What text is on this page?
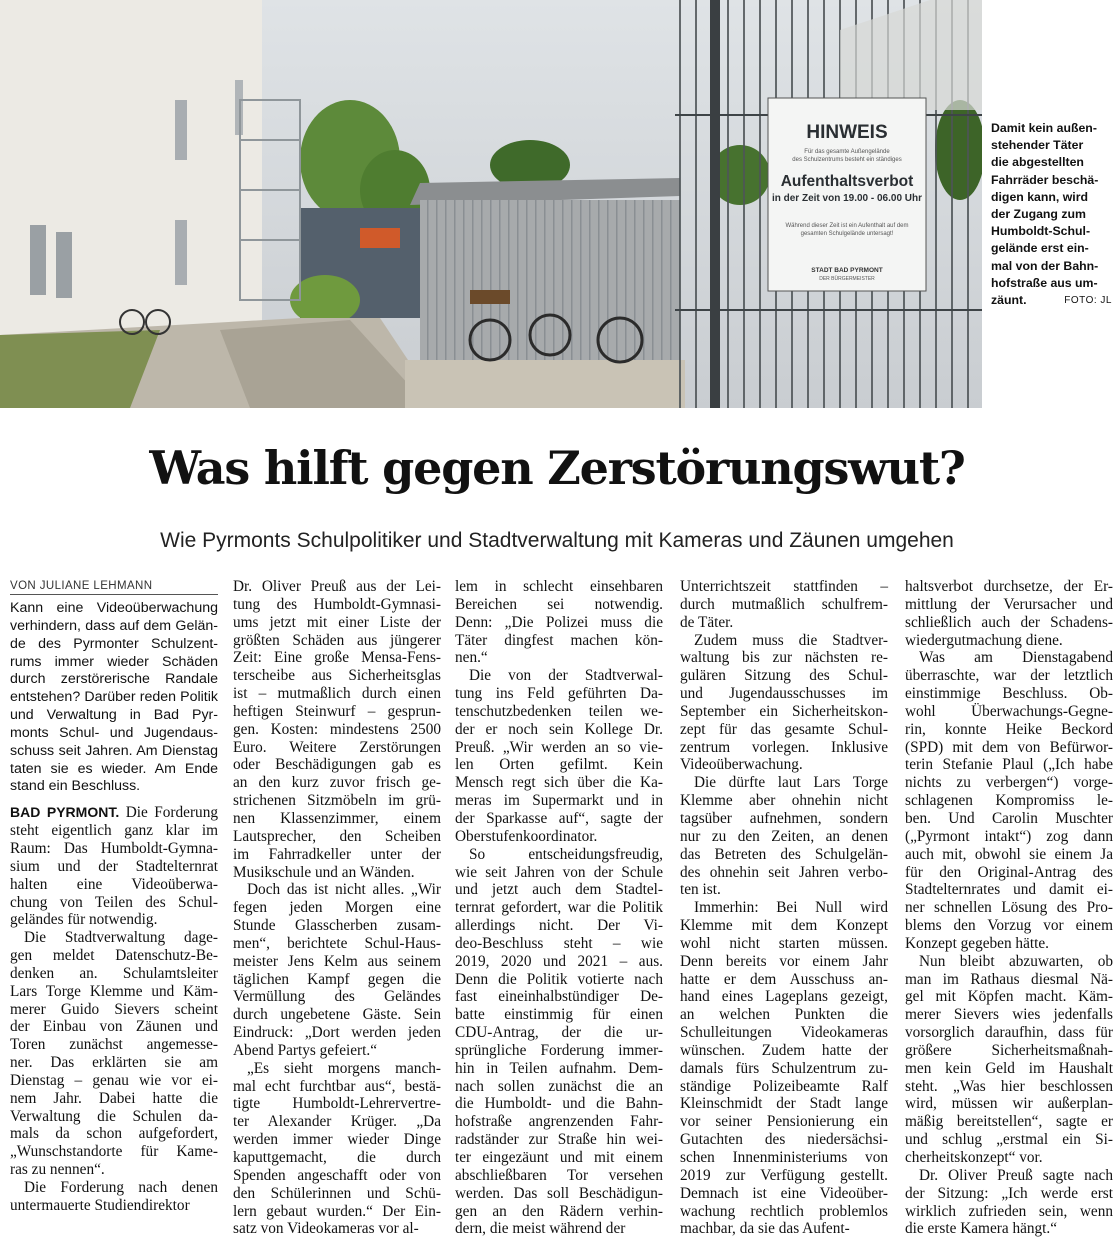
HINWEIS
Für das gesamte Außengelände
des Schulzentrums besteht ein ständiges
Aufenthaltsverbot
in der Zeit von 19.00 - 06.00 Uhr
Während dieser Zeit ist ein Aufenthalt auf dem
gesamten Schulgelände untersagt!
STADT BAD PYRMONT
DER BÜRGERMEISTER
Damit kein außen-
stehender Täter
die abgestellten
Fahrräder beschä-
digen kann, wird
der Zugang zum
Humboldt-Schul-
gelände erst ein-
mal von der Bahn-
hofstraße aus um-
zäunt.	FOTO: JL
Was hilft gegen Zerstörungswut?

Wie Pyrmonts Schulpolitiker und Stadtverwaltung mit Kameras und Zäunen umgehen

VON JULIANE LEHMANN
Kann eine Videoüberwachung
verhindern, dass auf dem Gelän-
de des Pyrmonter Schulzent-
rums immer wieder Schäden
durch zerstörerische Randale
entstehen? Darüber reden Politik
und Verwaltung in Bad Pyr-
monts Schul- und Jugendaus-
schuss seit Jahren. Am Dienstag
taten sie es wieder. Am Ende
stand ein Beschluss.
BAD PYRMONT. Die Forderung
steht eigentlich ganz klar im
Raum: Das Humboldt-Gymna-
sium und der Stadtelternrat
halten eine Videoüberwa-
chung von Teilen des Schul-
geländes für notwendig.
Die Stadtverwaltung dage-
gen meldet Datenschutz-Be-
denken an. Schulamtsleiter
Lars Torge Klemme und Käm-
merer Guido Sievers scheint
der Einbau von Zäunen und
Toren zunächst angemesse-
ner. Das erklärten sie am
Dienstag – genau wie vor ei-
nem Jahr. Dabei hatte die
Verwaltung die Schulen da-
mals da schon aufgefordert,
„Wunschstandorte für Kame-
ras zu nennen“.
Die Forderung nach denen
untermauerte Studiendirektor
Dr. Oliver Preuß aus der Lei-
tung des Humboldt-Gymnasi-
ums jetzt mit einer Liste der
größten Schäden aus jüngerer
Zeit: Eine große Mensa-Fens-
terscheibe aus Sicherheitsglas
ist – mutmaßlich durch einen
heftigen Steinwurf – gesprun-
gen. Kosten: mindestens 2500
Euro. Weitere Zerstörungen
oder Beschädigungen gab es
an den kurz zuvor frisch ge-
strichenen Sitzmöbeln im grü-
nen Klassenzimmer, einem
Lautsprecher, den Scheiben
im Fahrradkeller unter der
Musikschule und an Wänden.
Doch das ist nicht alles. „Wir
fegen jeden Morgen eine
Stunde Glasscherben zusam-
men“, berichtete Schul-Haus-
meister Jens Kelm aus seinem
täglichen Kampf gegen die
Vermüllung des Geländes
durch ungebetene Gäste. Sein
Eindruck: „Dort werden jeden
Abend Partys gefeiert.“
„Es sieht morgens manch-
mal echt furchtbar aus“, bestä-
tigte Humboldt-Lehrervertre-
ter Alexander Krüger. „Da
werden immer wieder Dinge
kaputtgemacht, die durch
Spenden angeschafft oder von
den Schülerinnen und Schü-
lern gebaut wurden.“ Der Ein-
satz von Videokameras vor al-
lem in schlecht einsehbaren
Bereichen sei notwendig.
Denn: „Die Polizei muss die
Täter dingfest machen kön-
nen.“
Die von der Stadtverwal-
tung ins Feld geführten Da-
tenschutzbedenken teilen we-
der er noch sein Kollege Dr.
Preuß. „Wir werden an so vie-
len Orten gefilmt. Kein
Mensch regt sich über die Ka-
meras im Supermarkt und in
der Sparkasse auf“, sagte der
Oberstufenkoordinator.
So entscheidungsfreudig,
wie seit Jahren von der Schule
und jetzt auch dem Stadtel-
ternrat gefordert, war die Politik
allerdings nicht. Der Vi-
deo-Beschluss steht – wie
2019, 2020 und 2021 – aus.
Denn die Politik votierte nach
fast eineinhalbstündiger De-
batte einstimmig für einen
CDU-Antrag, der die ur-
sprüngliche Forderung immer-
hin in Teilen aufnahm. Dem-
nach sollen zunächst die an
die Humboldt- und die Bahn-
hofstraße angrenzenden Fahr-
radständer zur Straße hin wei-
ter eingezäunt und mit einem
abschließbaren Tor versehen
werden. Das soll Beschädigun-
gen an den Rädern verhin-
dern, die meist während der
Unterrichtszeit stattfinden –
durch mutmaßlich schulfrem-
de Täter.
Zudem muss die Stadtver-
waltung bis zur nächsten re-
gulären Sitzung des Schul-
und Jugendausschusses im
September ein Sicherheitskon-
zept für das gesamte Schul-
zentrum vorlegen. Inklusive
Videoüberwachung.
Die dürfte laut Lars Torge
Klemme aber ohnehin nicht
tagsüber aufnehmen, sondern
nur zu den Zeiten, an denen
das Betreten des Schulgelän-
des ohnehin seit Jahren verbo-
ten ist.
Immerhin: Bei Null wird
Klemme mit dem Konzept
wohl nicht starten müssen.
Denn bereits vor einem Jahr
hatte er dem Ausschuss an-
hand eines Lageplans gezeigt,
an welchen Punkten die
Schulleitungen Videokameras
wünschen. Zudem hatte der
damals fürs Schulzentrum zu-
ständige Polizeibeamte Ralf
Kleinschmidt der Stadt lange
vor seiner Pensionierung ein
Gutachten des niedersächsi-
schen Innenministeriums von
2019 zur Verfügung gestellt.
Demnach ist eine Videoüber-
wachung rechtlich problemlos
machbar, da sie das Aufent-
haltsverbot durchsetze, der Er-
mittlung der Verursacher und
schließlich auch der Schadens-
wiedergutmachung diene.
Was am Dienstagabend
überraschte, war der letztlich
einstimmige Beschluss. Ob-
wohl Überwachungs-Gegne-
rin, konnte Heike Beckord
(SPD) mit dem von Befürwor-
terin Stefanie Plaul („Ich habe
nichts zu verbergen“) vorge-
schlagenen Kompromiss le-
ben. Und Carolin Muschter
(„Pyrmont intakt“) zog dann
auch mit, obwohl sie einem Ja
für den Original-Antrag des
Stadtelternrates und damit ei-
ner schnellen Lösung des Pro-
blems den Vorzug vor einem
Konzept gegeben hätte.
Nun bleibt abzuwarten, ob
man im Rathaus diesmal Nä-
gel mit Köpfen macht. Käm-
merer Sievers wies jedenfalls
vorsorglich daraufhin, dass für
größere Sicherheitsmaßnah-
men kein Geld im Haushalt
steht. „Was hier beschlossen
wird, müssen wir außerplan-
mäßig bereitstellen“, sagte er
und schlug „erstmal ein Si-
cherheitskonzept“ vor.
Dr. Oliver Preuß sagte nach
der Sitzung: „Ich werde erst
wirklich zufrieden sein, wenn
die erste Kamera hängt.“
